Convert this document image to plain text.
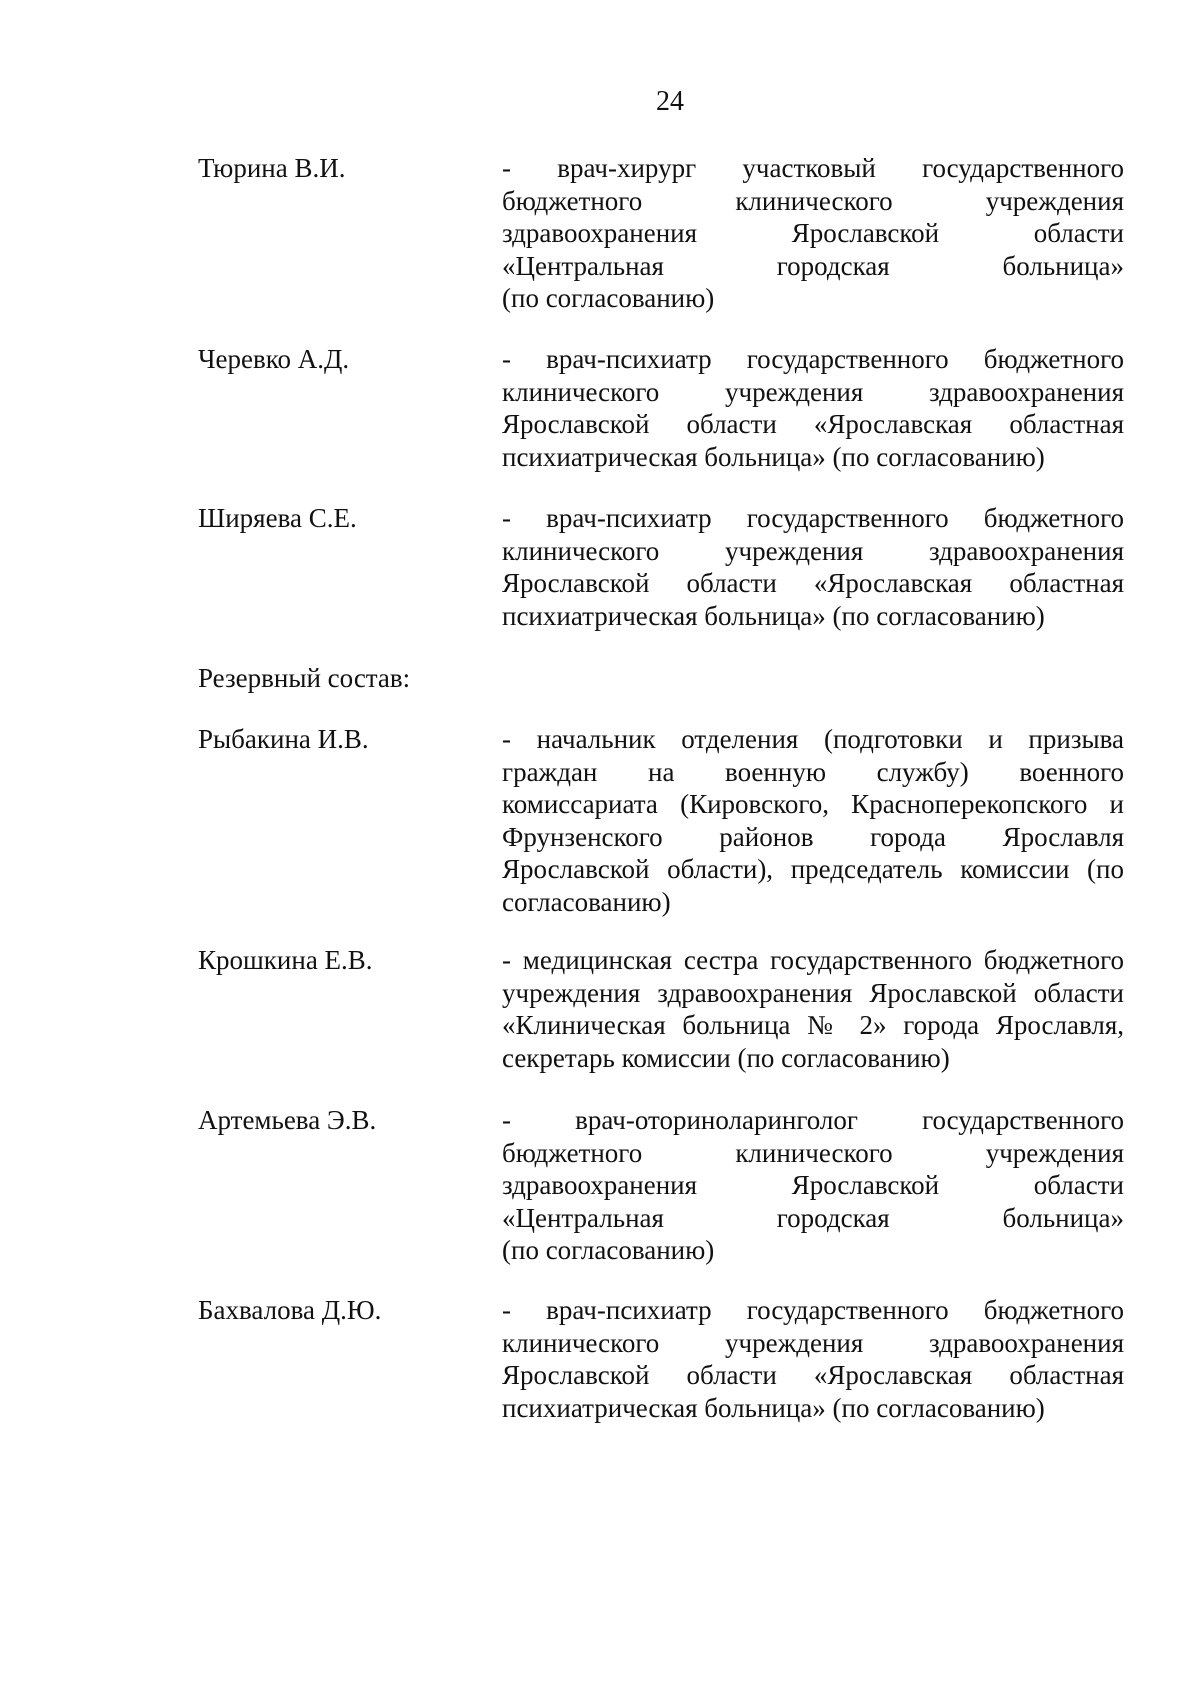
24
Тюрина В.И.	- врач-хирург участковый государственного
бюджетного клинического учреждения
здравоохранения Ярославской области
«Центральная городская больница»
(по согласованию)
Черевко А.Д.	- врач-психиатр государственного бюджетного
клинического учреждения здравоохранения
Ярославской области «Ярославская областная
психиатрическая больница» (по согласованию)
Ширяева С.Е.	- врач-психиатр государственного бюджетного
клинического учреждения здравоохранения
Ярославской области «Ярославская областная
психиатрическая больница» (по согласованию)
Резервный состав:
Рыбакина И.В.	- начальник отделения (подготовки и призыва
граждан на военную службу) военного
комиссариата (Кировского, Красноперекопского и
Фрунзенского районов города Ярославля
Ярославской области), председатель комиссии (по
согласованию)
Крошкина Е.В.	- медицинская сестра государственного бюджетного
учреждения здравоохранения Ярославской области
«Клиническая больница № 2» города Ярославля,
секретарь комиссии (по согласованию)
Артемьева Э.В.	- врач-оториноларинголог государственного
бюджетного клинического учреждения
здравоохранения Ярославской области
«Центральная городская больница»
(по согласованию)
Бахвалова Д.Ю.	- врач-психиатр государственного бюджетного
клинического учреждения здравоохранения
Ярославской области «Ярославская областная
психиатрическая больница» (по согласованию)
